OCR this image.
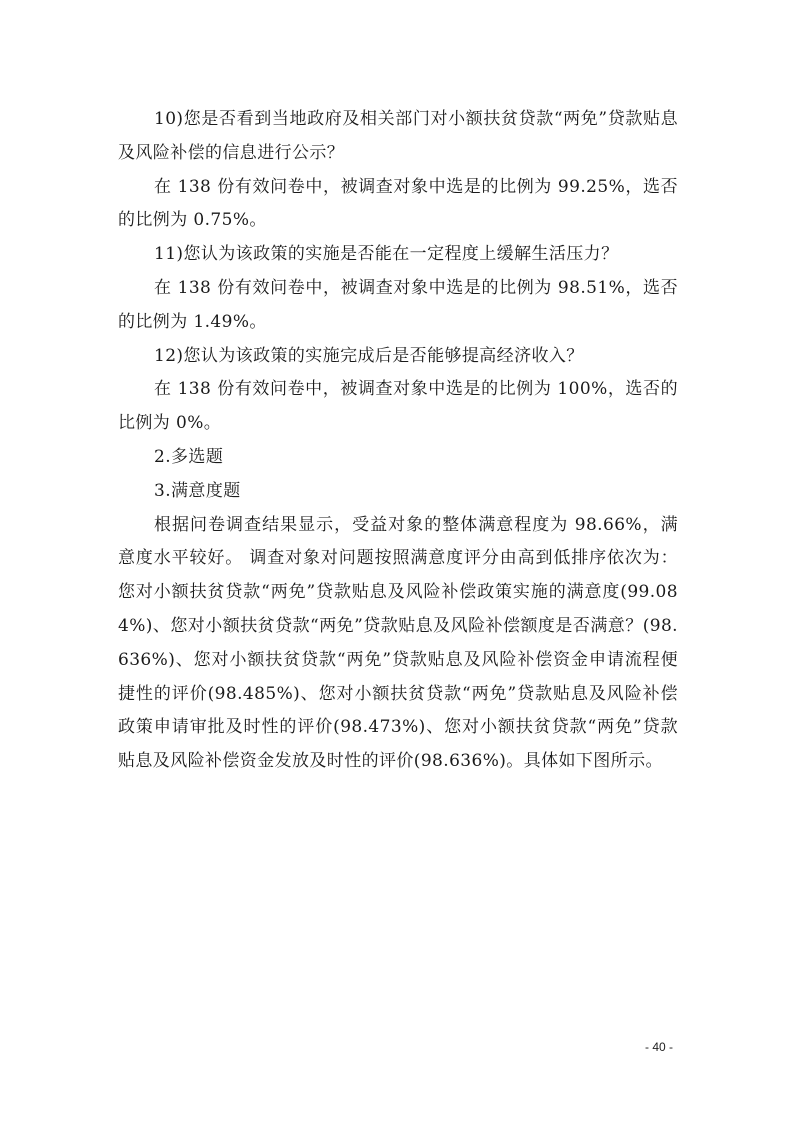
10)您是否看到当地政府及相关部门对小额扶贫贷款“两免”贷款贴息及风险补偿的信息进行公示？

在 138 份有效问卷中，被调查对象中选是的比例为 99.25%，选否的比例为 0.75%。

11)您认为该政策的实施是否能在一定程度上缓解生活压力？

在 138 份有效问卷中，被调查对象中选是的比例为 98.51%，选否的比例为 1.49%。

12)您认为该政策的实施完成后是否能够提高经济收入？

在 138 份有效问卷中，被调查对象中选是的比例为 100%，选否的比例为 0%。

2.多选题

3.满意度题

根据问卷调查结果显示，受益对象的整体满意程度为 98.66%，满意度水平较好。 调查对象对问题按照满意度评分由高到低排序依次为：您对小额扶贫贷款“两免”贷款贴息及风险补偿政策实施的满意度(99.084%)、您对小额扶贫贷款“两免”贷款贴息及风险补偿额度是否满意？(98.636%)、您对小额扶贫贷款“两免”贷款贴息及风险补偿资金申请流程便捷性的评价(98.485%)、您对小额扶贫贷款“两免”贷款贴息及风险补偿政策申请审批及时性的评价(98.473%)、您对小额扶贫贷款“两免”贷款贴息及风险补偿资金发放及时性的评价(98.636%)。具体如下图所示。

- 40 -
